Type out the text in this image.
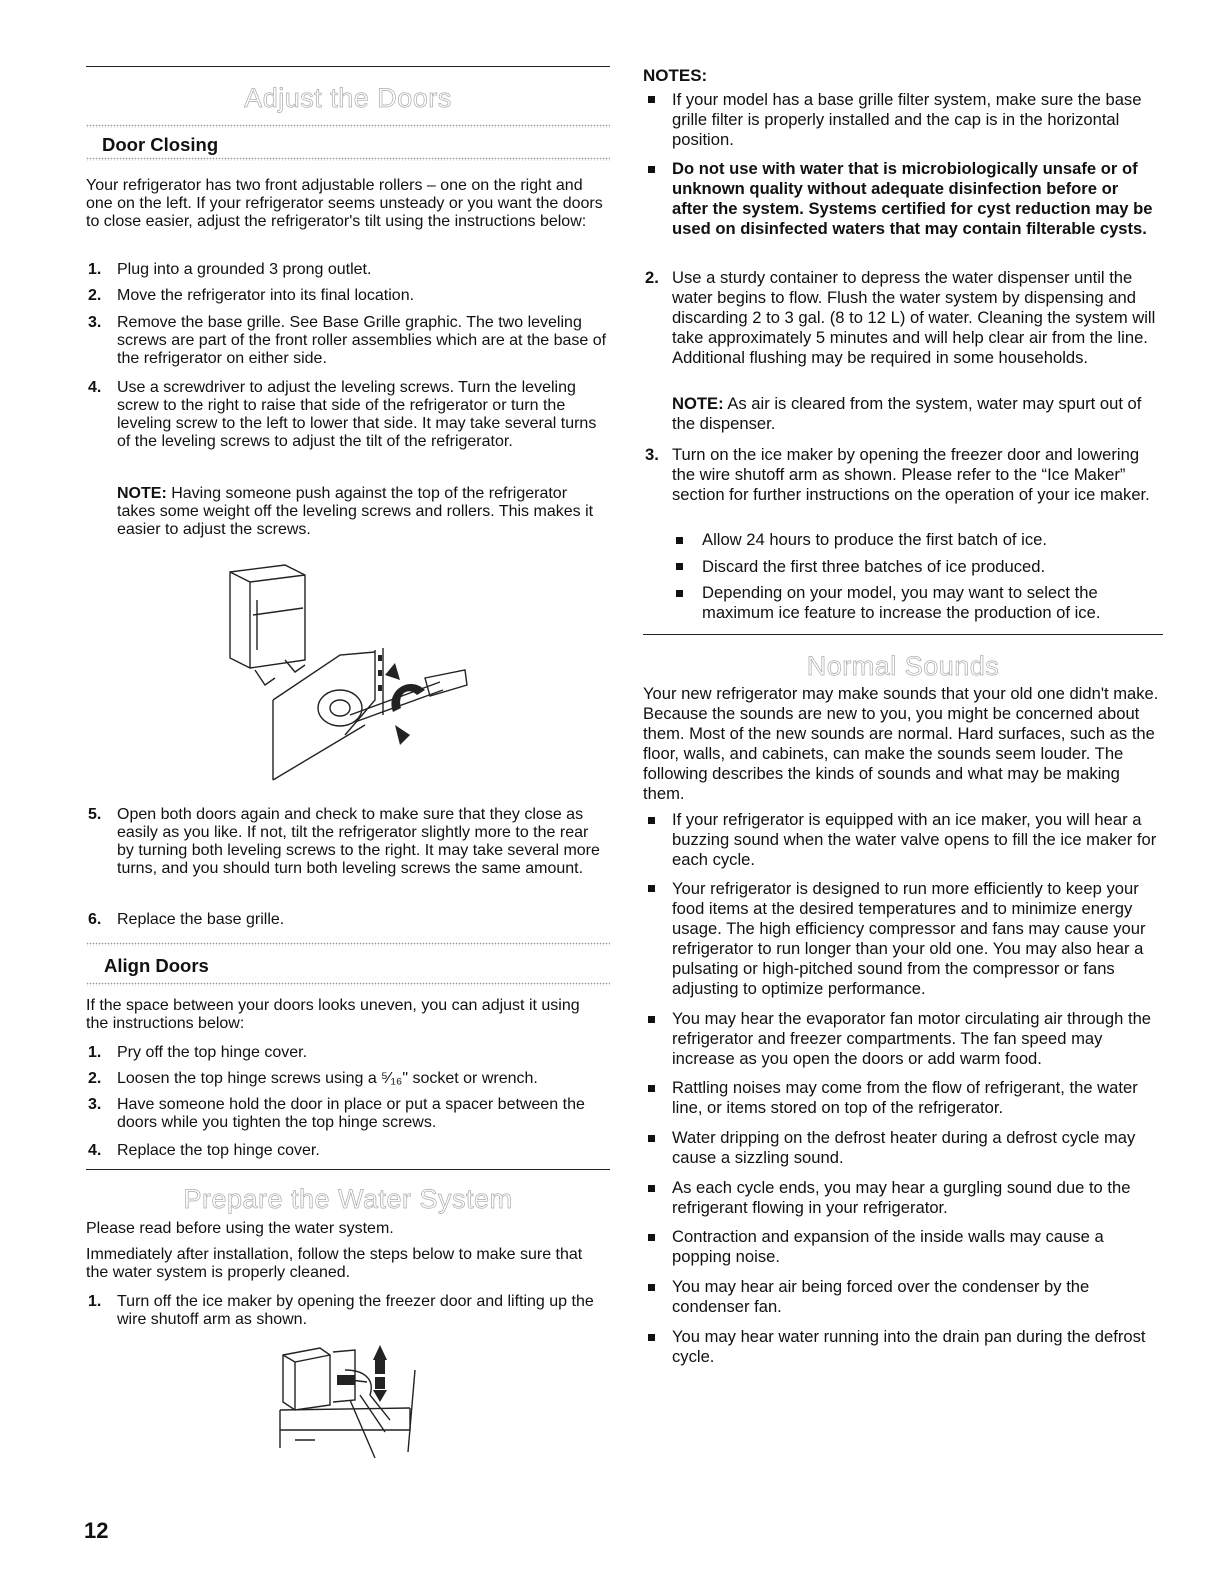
Adjust the Doors
Door Closing

Your refrigerator has two front adjustable rollers – one on the right and one on the left. If your refrigerator seems unsteady or you want the doors to close easier, adjust the refrigerator's tilt using the instructions below:

1. Plug into a grounded 3 prong outlet.

2. Move the refrigerator into its final location.

3. Remove the base grille. See Base Grille graphic. The two leveling screws are part of the front roller assemblies which are at the base of the refrigerator on either side.

4. Use a screwdriver to adjust the leveling screws. Turn the leveling screw to the right to raise that side of the refrigerator or turn the leveling screw to the left to lower that side. It may take several turns of the leveling screws to adjust the tilt of the refrigerator.

NOTE: Having someone push against the top of the refrigerator takes some weight off the leveling screws and rollers. This makes it easier to adjust the screws.

5. Open both doors again and check to make sure that they close as easily as you like. If not, tilt the refrigerator slightly more to the rear by turning both leveling screws to the right. It may take several more turns, and you should turn both leveling screws the same amount.

6. Replace the base grille.

Align Doors

If the space between your doors looks uneven, you can adjust it using the instructions below:

1. Pry off the top hinge cover.

2. Loosen the top hinge screws using a ⁵⁄₁₆" socket or wrench.

3. Have someone hold the door in place or put a spacer between the doors while you tighten the top hinge screws.

4. Replace the top hinge cover.

Prepare the Water System

Please read before using the water system.

Immediately after installation, follow the steps below to make sure that the water system is properly cleaned.

1. Turn off the ice maker by opening the freezer door and lifting up the wire shutoff arm as shown.

12
NOTES:

If your model has a base grille filter system, make sure the base grille filter is properly installed and the cap is in the horizontal position.

Do not use with water that is microbiologically unsafe or of unknown quality without adequate disinfection before or after the system. Systems certified for cyst reduction may be used on disinfected waters that may contain filterable cysts.

2. Use a sturdy container to depress the water dispenser until the water begins to flow. Flush the water system by dispensing and discarding 2 to 3 gal. (8 to 12 L) of water. Cleaning the system will take approximately 5 minutes and will help clear air from the line. Additional flushing may be required in some households.

NOTE: As air is cleared from the system, water may spurt out of the dispenser.

3. Turn on the ice maker by opening the freezer door and lowering the wire shutoff arm as shown. Please refer to the “Ice Maker” section for further instructions on the operation of your ice maker.

Allow 24 hours to produce the first batch of ice.

Discard the first three batches of ice produced.

Depending on your model, you may want to select the maximum ice feature to increase the production of ice.

Normal Sounds

Your new refrigerator may make sounds that your old one didn't make. Because the sounds are new to you, you might be concerned about them. Most of the new sounds are normal. Hard surfaces, such as the floor, walls, and cabinets, can make the sounds seem louder. The following describes the kinds of sounds and what may be making them.

If your refrigerator is equipped with an ice maker, you will hear a buzzing sound when the water valve opens to fill the ice maker for each cycle.

Your refrigerator is designed to run more efficiently to keep your food items at the desired temperatures and to minimize energy usage. The high efficiency compressor and fans may cause your refrigerator to run longer than your old one. You may also hear a pulsating or high-pitched sound from the compressor or fans adjusting to optimize performance.

You may hear the evaporator fan motor circulating air through the refrigerator and freezer compartments. The fan speed may increase as you open the doors or add warm food.

Rattling noises may come from the flow of refrigerant, the water line, or items stored on top of the refrigerator.

Water dripping on the defrost heater during a defrost cycle may cause a sizzling sound.

As each cycle ends, you may hear a gurgling sound due to the refrigerant flowing in your refrigerator.

Contraction and expansion of the inside walls may cause a popping noise.

You may hear air being forced over the condenser by the condenser fan.

You may hear water running into the drain pan during the defrost cycle.
